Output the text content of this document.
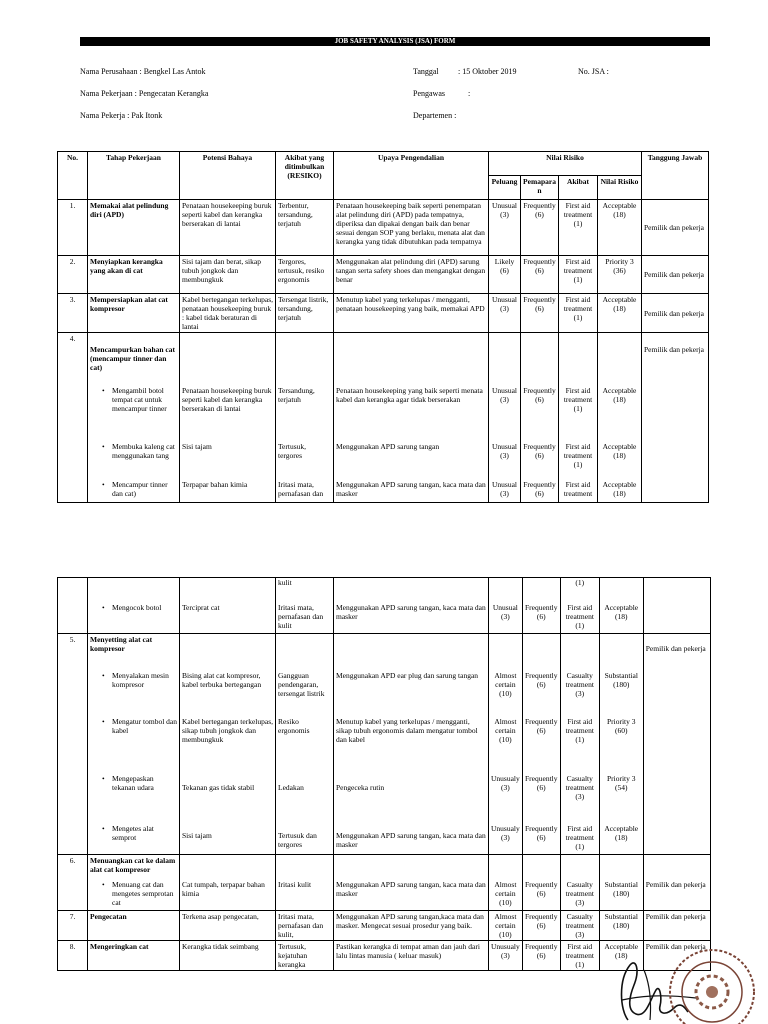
JOB SAFETY ANALYSIS (JSA) FORM
Nama Perusahaan : Bengkel Las Antok
Nama Pekerjaan : Pengecatan Kerangka
Nama Pekerja : Pak Itonk
Tanggal : 15 Oktober 2019	No. JSA :
Pengawas	:
Departemen :
No.	Tahap Pekerjaan	Potensi Bahaya	Akibat yang ditimbulkan (RESIKO)	Upaya Pengendalian	Nilai Risiko				Tanggung Jawab
					Peluang	Pemapara n	Akibat	Nilai Risiko	
1.	Memakai alat pelindung diri (APD)	Penataan housekeeping buruk seperti kabel dan kerangka berserakan di lantai	Terbentur, tersandung, terjatuh	Penataan housekeeping baik seperti penempatan alat pelindung diri (APD) pada tempatnya, diperiksa dan dipakai dengan baik dan benar sesuai dengan SOP yang berlaku, menata alat dan kerangka yang tidak dibutuhkan pada tempatnya	Unusual (3)	Frequently (6)	First aid treatment (1)	Acceptable (18)	Pemilik dan pekerja
2.	Menyiapkan kerangka yang akan di cat	Sisi tajam dan berat, sikap tubuh jongkok dan membungkuk	Tergores, tertusuk, resiko ergonomis	Menggunakan alat pelindung diri (APD) sarung tangan serta safety shoes dan mengangkat dengan benar	Likely (6)	Frequently (6)	First aid treatment (1)	Priority 3 (36)	Pemilik dan pekerja
3.	Mempersiapkan alat cat kompresor	Kabel bertegangan terkelupas, penataan housekeeping buruk : kabel tidak beraturan di lantai	Tersengat listrik, tersandung, terjatuh	Menutup kabel yang terkelupas / mengganti, penataan housekeeping yang baik, memakai APD	Unusual (3)	Frequently (6)	First aid treatment (1)	Acceptable (18)	Pemilik dan pekerja
4.	Mencampurkan bahan cat (mencampur tinner dan cat)								Pemilik dan pekerja

	• Mengambil botol tempat cat untuk mencampur tinner	Penataan housekeeping buruk seperti kabel dan kerangka berserakan di lantai	Tersandung, terjatuh	Penataan housekeeping yang baik seperti menata kabel dan kerangka agar tidak berserakan	Unusual (3)	Frequently (6)	First aid treatment (1)	Acceptable (18)	

	• Membuka kaleng cat menggunakan tang	Sisi tajam	Tertusuk, tergores	Menggunakan APD sarung tangan	Unusual (3)	Frequently (6)	First aid treatment (1)	Acceptable (18)	

	• Mencampur tinner dan cat)	Terpapar bahan kimia	Iritasi mata, pernafasan dan	Menggunakan APD sarung tangan, kaca mata dan masker	Unusual (3)	Frequently (6)	First aid treatment	Acceptable (18)	
			kulit				(1)		

	• Mengocok botol	Terciprat cat	Iritasi mata, pernafasan dan kulit	Menggunakan APD sarung tangan, kaca mata dan masker	Unusual (3)	Frequently (6)	First aid treatment (1)	Acceptable (18)	
5.	Menyetting alat cat kompresor								Pemilik dan pekerja

	• Menyalakan mesin kompresor	Bising alat cat kompresor, kabel terbuka bertegangan	Gangguan pendengaran, tersengat listrik	Menggunakan APD ear plug dan sarung tangan	Almost certain (10)	Frequently (6)	Casualty treatment (3)	Substantial (180)	

	• Mengatur tombol dan kabel	Kabel bertegangan terkelupas, sikap tubuh jongkok dan membungkuk	Resiko ergonomis	Menutup kabel yang terkelupas / mengganti, sikap tubuh ergonomis dalam mengatur tombol dan kabel	Almost certain (10)	Frequently (6)	First aid treatment (1)	Priority 3 (60)	

	• Mengepaskan tekanan udara	Tekanan gas tidak stabil	Ledakan	Pengeceka rutin	Unusualy (3)	Frequently (6)	Casualty treatment (3)	Priority 3 (54)	

	• Mengetes alat semprot	Sisi tajam	Tertusuk dan tergores	Menggunakan APD sarung tangan, kaca mata dan masker	Unusualy (3)	Frequently (6)	First aid treatment (1)	Acceptable (18)	
6.	Menuangkan cat ke dalam alat cat kompresor								

	• Menuang cat dan mengetes semprotan cat	Cat tumpah, terpapar bahan kimia	Iritasi kulit	Menggunakan APD sarung tangan, kaca mata dan masker	Almost certain (10)	Frequently (6)	Casualty treatment (3)	Substantial (180)	Pemilik dan pekerja
7.	Pengecatan	Terkena asap pengecatan,	Iritasi mata, pernafasan dan kulit,	Menggunakan APD sarung tangan,kaca mata dan masker. Mengecat sesuai prosedur yang baik.	Almost certain (10)	Frequently (6)	Casualty treatment (3)	Substantial (180)	Pemilik dan pekerja
8.	Mengeringkan cat	Kerangka tidak seimbang	Tertusuk, kejatuhan kerangka	Pastikan kerangka di tempat aman dan jauh dari lalu lintas manusia ( keluar masuk)	Unusualy (3)	Frequently (6)	First aid treatment (1)	Acceptable (18)	Pemilik dan pekerja
